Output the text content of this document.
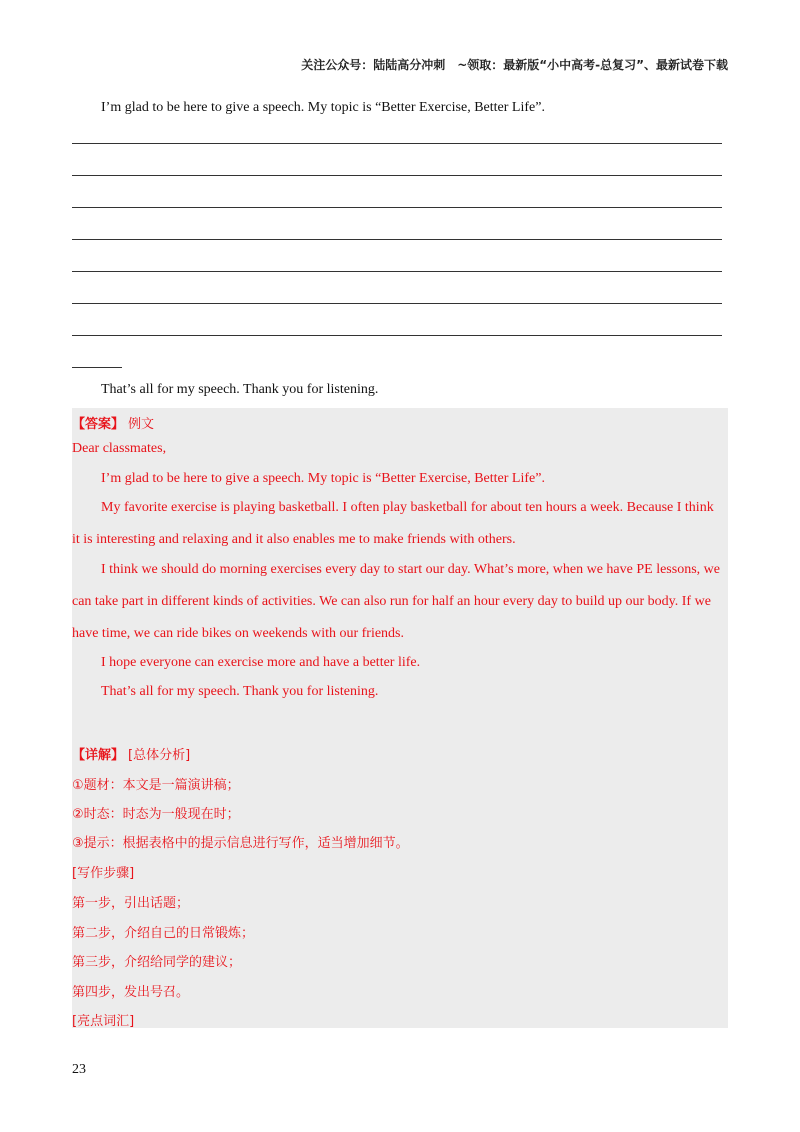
关注公众号：陆陆高分冲刺　~领取：最新版“小中高考-总复习”、最新试卷下载
I’m glad to be here to give a speech. My topic is “Better Exercise, Better Life”.
That’s all for my speech. Thank you for listening.
【答案】 例文
Dear classmates,
I’m glad to be here to give a speech. My topic is “Better Exercise, Better Life”.
My favorite exercise is playing basketball. I often play basketball for about ten hours a week. Because I think
it is interesting and relaxing and it also enables me to make friends with others.
I think we should do morning exercises every day to start our day. What’s more, when we have PE lessons, we
can take part in different kinds of activities. We can also run for half an hour every day to build up our body. If we
have time, we can ride bikes on weekends with our friends.
I hope everyone can exercise more and have a better life.
That’s all for my speech. Thank you for listening.
【详解】 [总体分析]
①题材：本文是一篇演讲稿；
②时态：时态为一般现在时；
③提示：根据表格中的提示信息进行写作，适当增加细节。
[写作步骤]
第一步，引出话题；
第二步，介绍自己的日常锻炼；
第三步，介绍给同学的建议；
第四步，发出号召。
[亮点词汇]
23
